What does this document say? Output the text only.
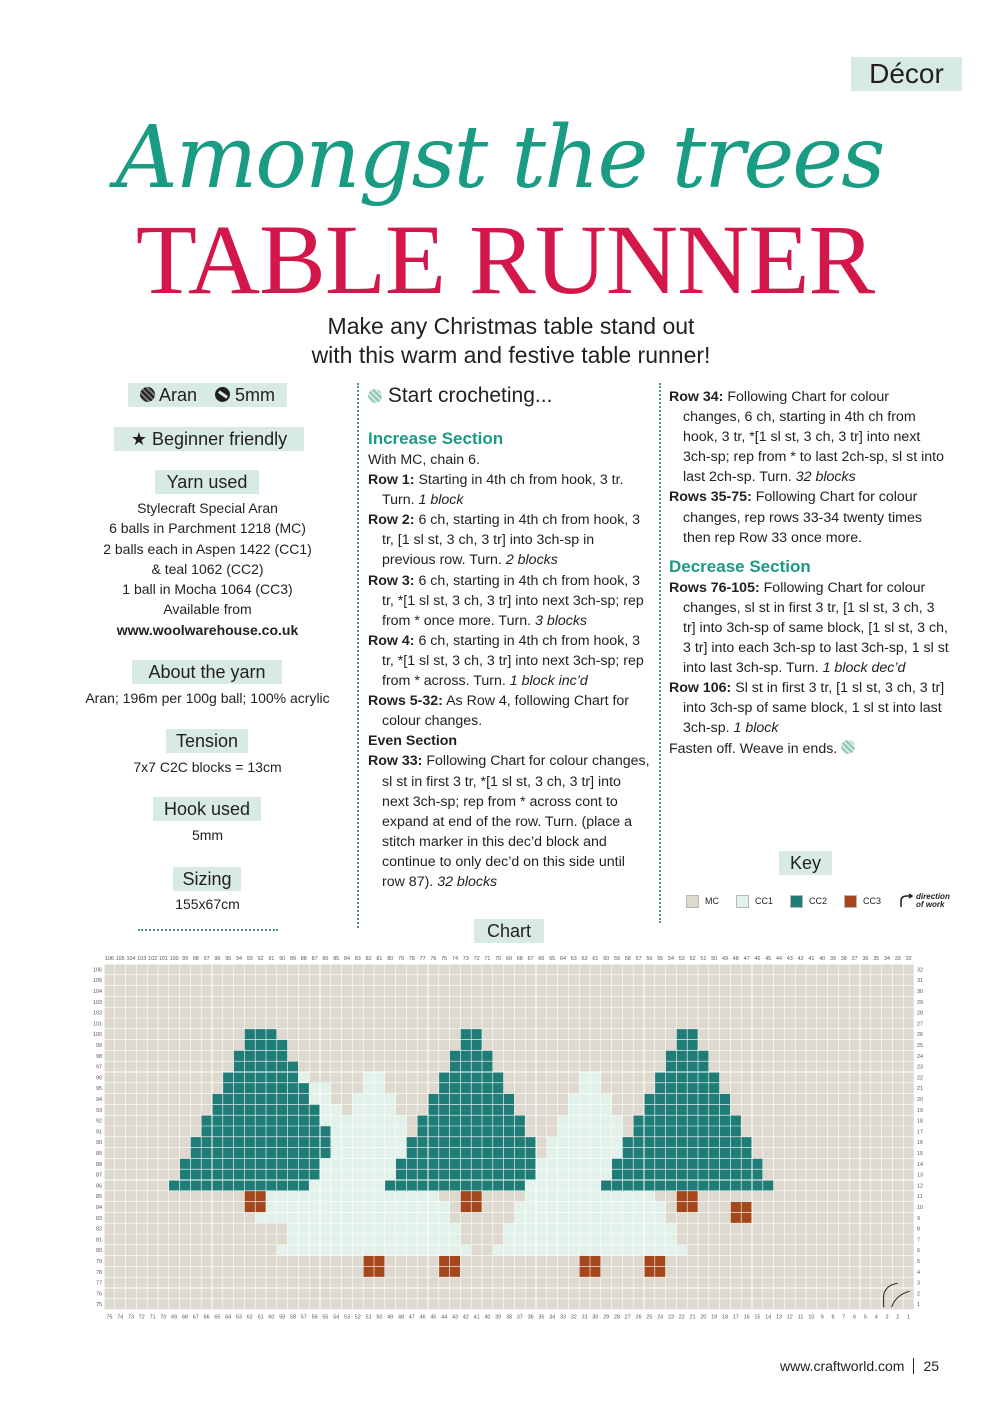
Décor
Amongst the trees
TABLE RUNNER
Make any Christmas table stand out
with this warm and festive table runner!
Aran 5mm
★ Beginner friendly
Yarn used
Stylecraft Special Aran
6 balls in Parchment 1218 (MC)
2 balls each in Aspen 1422 (CC1)
& teal 1062 (CC2)
1 ball in Mocha 1064 (CC3)
Available from
www.woolwarehouse.co.uk
About the yarn
Aran; 196m per 100g ball; 100% acrylic
Tension
7x7 C2C blocks = 13cm
Hook used
5mm
Sizing
155x67cm
Start crocheting...

Increase Section

With MC, chain 6.

Row 1: Starting in 4th ch from hook, 3 tr. Turn. 1 block

Row 2: 6 ch, starting in 4th ch from hook, 3 tr, [1 sl st, 3 ch, 3 tr] into 3ch-sp in previous row. Turn. 2 blocks

Row 3: 6 ch, starting in 4th ch from hook, 3 tr, *[1 sl st, 3 ch, 3 tr] into next 3ch-sp; rep from * once more. Turn. 3 blocks

Row 4: 6 ch, starting in 4th ch from hook, 3 tr, *[1 sl st, 3 ch, 3 tr] into next 3ch-sp; rep from * across. Turn. 1 block inc’d

Rows 5-32: As Row 4, following Chart for colour changes.

Even Section

Row 33: Following Chart for colour changes, sl st in first 3 tr, *[1 sl st, 3 ch, 3 tr] into next 3ch-sp; rep from * across cont to expand at end of the row. Turn. (place a stitch marker in this dec’d block and continue to only dec’d on this side until row 87). 32 blocks

Row 34: Following Chart for colour changes, 6 ch, starting in 4th ch from hook, 3 tr, *[1 sl st, 3 ch, 3 tr] into next 3ch-sp; rep from * to last 2ch-sp, sl st into last 2ch-sp. Turn. 32 blocks

Rows 35-75: Following Chart for colour changes, rep rows 33-34 twenty times then rep Row 33 once more.

Decrease Section

Rows 76-105: Following Chart for colour changes, sl st in first 3 tr, [1 sl st, 3 ch, 3 tr] into 3ch-sp of same block, [1 sl st, 3 ch, 3 tr] into each 3ch-sp to last 3ch-sp, 1 sl st into last 3ch-sp. Turn. 1 block dec’d

Row 106: Sl st in first 3 tr, [1 sl st, 3 ch, 3 tr] into 3ch-sp of same block, 1 sl st into last 3ch-sp. 1 block

Fasten off. Weave in ends.

Key
MC	CC1	CC2	CC3	direction
of work
Chart
106 105 104 103 102 101 100 99 98 97 96 95 94 93 92 91 90 89 88 87 86 85 84 83 82 81 80 79 78 77 76 75 74 73 72 71 70 69 68 67 66 65 64 63 62 61 60 59 58 57 56 55 54 53 52 51 50 49 48 47 46 45 44 43 42 41 40 39 38 37 36 35 34 33 32
75 74 73 72 71 70 69 68 67 66 65 64 63 62 61 60 59 58 57 56 55 54 53 52 51 50 49 48 47 46 45 44 43 42 41 40 39 38 37 36 35 34 33 32 31 30 29 28 27 26 25 24 23 22 21 20 19 18 17 16 15 14 13 12 11 10 9 8 7 6 5 4 3 2 1
106
105
104
103
102
101
100
99
98
97
96
95
94
93
92
91
90
89
88
87
86
85
84
83
82
81
80
79
78
77
76
75
32
31
30
29
28
27
26
25
24
23
22
21
20
19
18
17
16
15
14
13
12
11
10
9
8
7
6
5
4
3
2
1
www.craftworld.com 25
